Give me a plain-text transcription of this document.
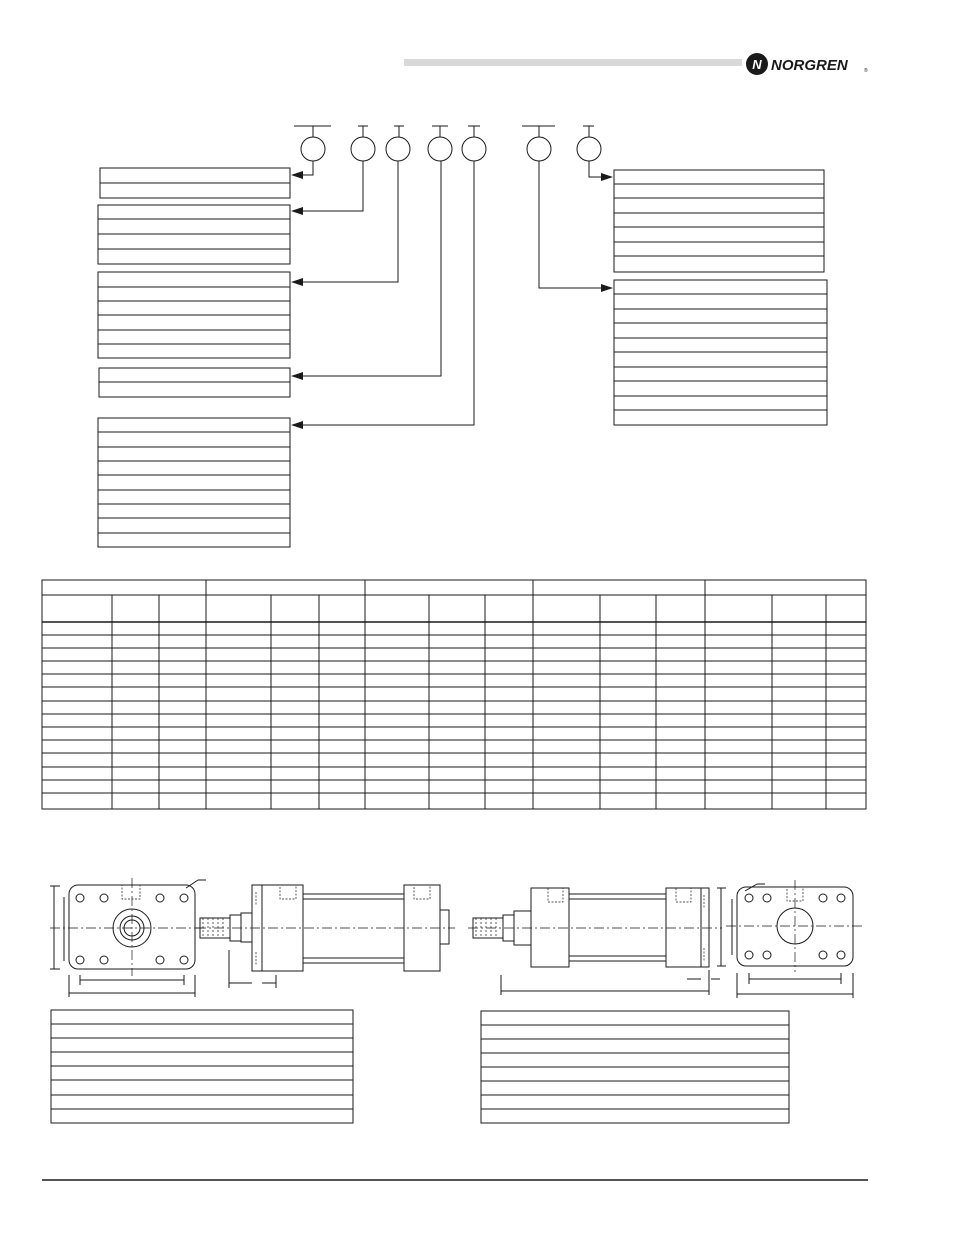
N NORGREN	®
